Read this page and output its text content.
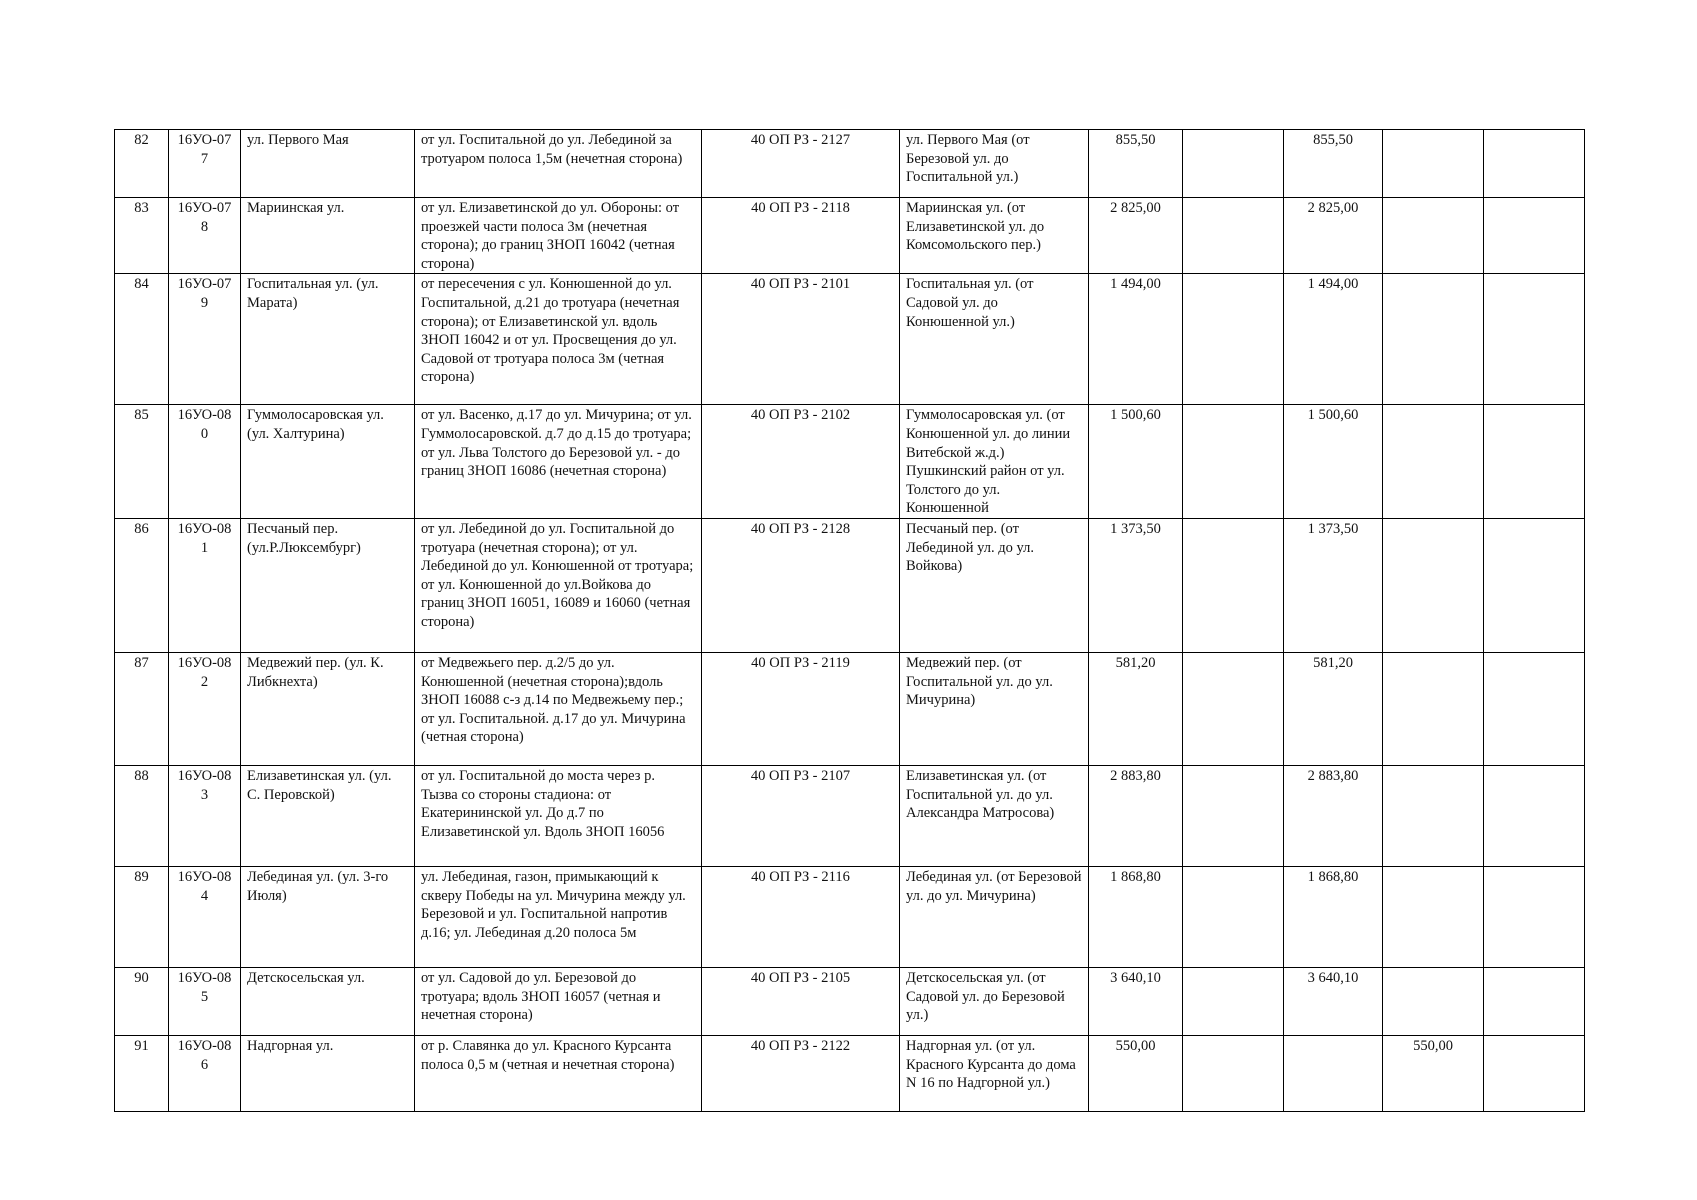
82	16УО-077	ул. Первого Мая	от ул. Госпитальной до ул. Лебединой за тротуаром полоса 1,5м (нечетная сторона)	40 ОП РЗ - 2127	ул. Первого Мая (от Березовой ул. до Госпитальной ул.)	855,50		855,50		
83	16УО-078	Мариинская ул.	от ул. Елизаветинской до ул. Обороны: от проезжей части полоса 3м (нечетная сторона); до границ ЗНОП 16042 (четная сторона)	40 ОП РЗ - 2118	Мариинская ул. (от Елизаветинской ул. до Комсомольского пер.)	2 825,00		2 825,00		
84	16УО-079	Госпитальная ул. (ул. Марата)	от пересечения с ул. Конюшенной до ул. Госпитальной, д.21 до тротуара (нечетная сторона); от Елизаветинской ул. вдоль ЗНОП 16042 и от ул. Просвещения до ул. Садовой от тротуара полоса 3м (четная сторона)	40 ОП РЗ - 2101	Госпитальная ул. (от Садовой ул. до Конюшенной ул.)	1 494,00		1 494,00		
85	16УО-080	Гуммолосаровская ул. (ул. Халтурина)	от ул. Васенко, д.17 до ул. Мичурина; от ул. Гуммолосаровской. д.7 до д.15 до тротуара; от ул. Льва Толстого до Березовой ул. - до границ ЗНОП 16086 (нечетная сторона)	40 ОП РЗ - 2102	Гуммолосаровская ул. (от Конюшенной ул. до линии Витебской ж.д.) Пушкинский район от ул. Толстого до ул. Конюшенной	1 500,60		1 500,60		
86	16УО-081	Песчаный пер. (ул.Р.Люксембург)	от ул. Лебединой до ул. Госпитальной до тротуара (нечетная сторона); от ул. Лебединой до ул. Конюшенной от тротуара; от ул. Конюшенной до ул.Войкова до границ ЗНОП 16051, 16089 и 16060 (четная сторона)	40 ОП РЗ - 2128	Песчаный пер. (от Лебединой ул. до ул. Войкова)	1 373,50		1 373,50		
87	16УО-082	Медвежий пер. (ул. К. Либкнехта)	от Медвежьего пер. д.2/5 до ул. Конюшенной (нечетная сторона);вдоль ЗНОП 16088 с-з д.14 по Медвежьему пер.; от ул. Госпитальной. д.17 до ул. Мичурина (четная сторона)	40 ОП РЗ - 2119	Медвежий пер. (от Госпитальной ул. до ул. Мичурина)	581,20		581,20		
88	16УО-083	Елизаветинская ул. (ул. С. Перовской)	от ул. Госпитальной до моста через р. Тызва со стороны стадиона: от Екатерининской ул. До д.7 по Елизаветинской ул. Вдоль ЗНОП 16056	40 ОП РЗ - 2107	Елизаветинская ул. (от Госпитальной ул. до ул. Александра Матросова)	2 883,80		2 883,80		
89	16УО-084	Лебединая ул. (ул. 3-го Июля)	ул. Лебединая, газон, примыкающий к скверу Победы на ул. Мичурина между ул. Березовой и ул. Госпитальной напротив д.16; ул. Лебединая д.20 полоса 5м	40 ОП РЗ - 2116	Лебединая ул. (от Березовой ул. до ул. Мичурина)	1 868,80		1 868,80		
90	16УО-085	Детскосельская ул.	от ул. Садовой до ул. Березовой до тротуара; вдоль ЗНОП 16057 (четная и нечетная сторона)	40 ОП РЗ - 2105	Детскосельская ул. (от Садовой ул. до Березовой ул.)	3 640,10		3 640,10		
91	16УО-086	Надгорная ул.	от р. Славянка до ул. Красного Курсанта полоса 0,5 м (четная и нечетная сторона)	40 ОП РЗ - 2122	Надгорная ул. (от ул. Красного Курсанта до дома N 16 по Надгорной ул.)	550,00			550,00	
